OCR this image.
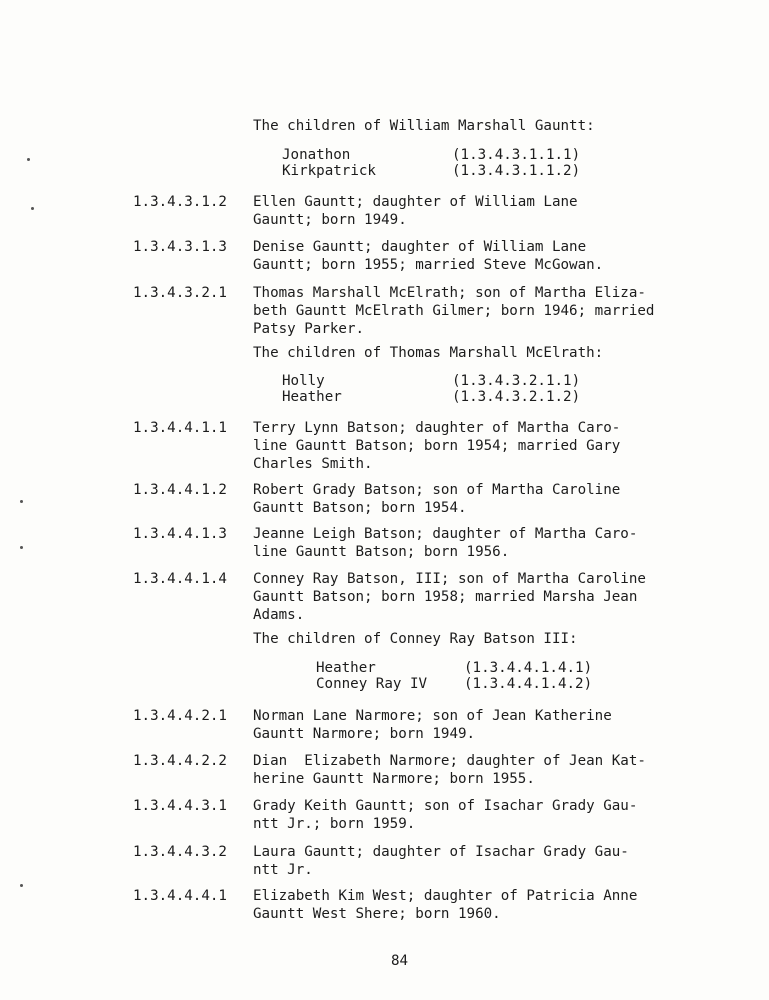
The children of William Marshall Gauntt:
Jonathon	(1.3.4.3.1.1.1)
Kirkpatrick	(1.3.4.3.1.1.2)
1.3.4.3.1.2 Ellen Gauntt; daughter of William Lane
Gauntt; born 1949.
1.3.4.3.1.3 Denise Gauntt; daughter of William Lane
Gauntt; born 1955; married Steve McGowan.
1.3.4.3.2.1 Thomas Marshall McElrath; son of Martha Eliza-
beth Gauntt McElrath Gilmer; born 1946; married
Patsy Parker.
The children of Thomas Marshall McElrath:
Holly	(1.3.4.3.2.1.1)
Heather	(1.3.4.3.2.1.2)
1.3.4.4.1.1 Terry Lynn Batson; daughter of Martha Caro-
line Gauntt Batson; born 1954; married Gary
Charles Smith.
1.3.4.4.1.2 Robert Grady Batson; son of Martha Caroline
Gauntt Batson; born 1954.
1.3.4.4.1.3 Jeanne Leigh Batson; daughter of Martha Caro-
line Gauntt Batson; born 1956.
1.3.4.4.1.4 Conney Ray Batson, III; son of Martha Caroline
Gauntt Batson; born 1958; married Marsha Jean
Adams.
The children of Conney Ray Batson III:
Heather	(1.3.4.4.1.4.1)
Conney Ray IV	(1.3.4.4.1.4.2)
1.3.4.4.2.1 Norman Lane Narmore; son of Jean Katherine
Gauntt Narmore; born 1949.
1.3.4.4.2.2 Dian  Elizabeth Narmore; daughter of Jean Kat-
herine Gauntt Narmore; born 1955.
1.3.4.4.3.1 Grady Keith Gauntt; son of Isachar Grady Gau-
ntt Jr.; born 1959.
1.3.4.4.3.2 Laura Gauntt; daughter of Isachar Grady Gau-
ntt Jr.
1.3.4.4.4.1 Elizabeth Kim West; daughter of Patricia Anne
Gauntt West Shere; born 1960.
84
